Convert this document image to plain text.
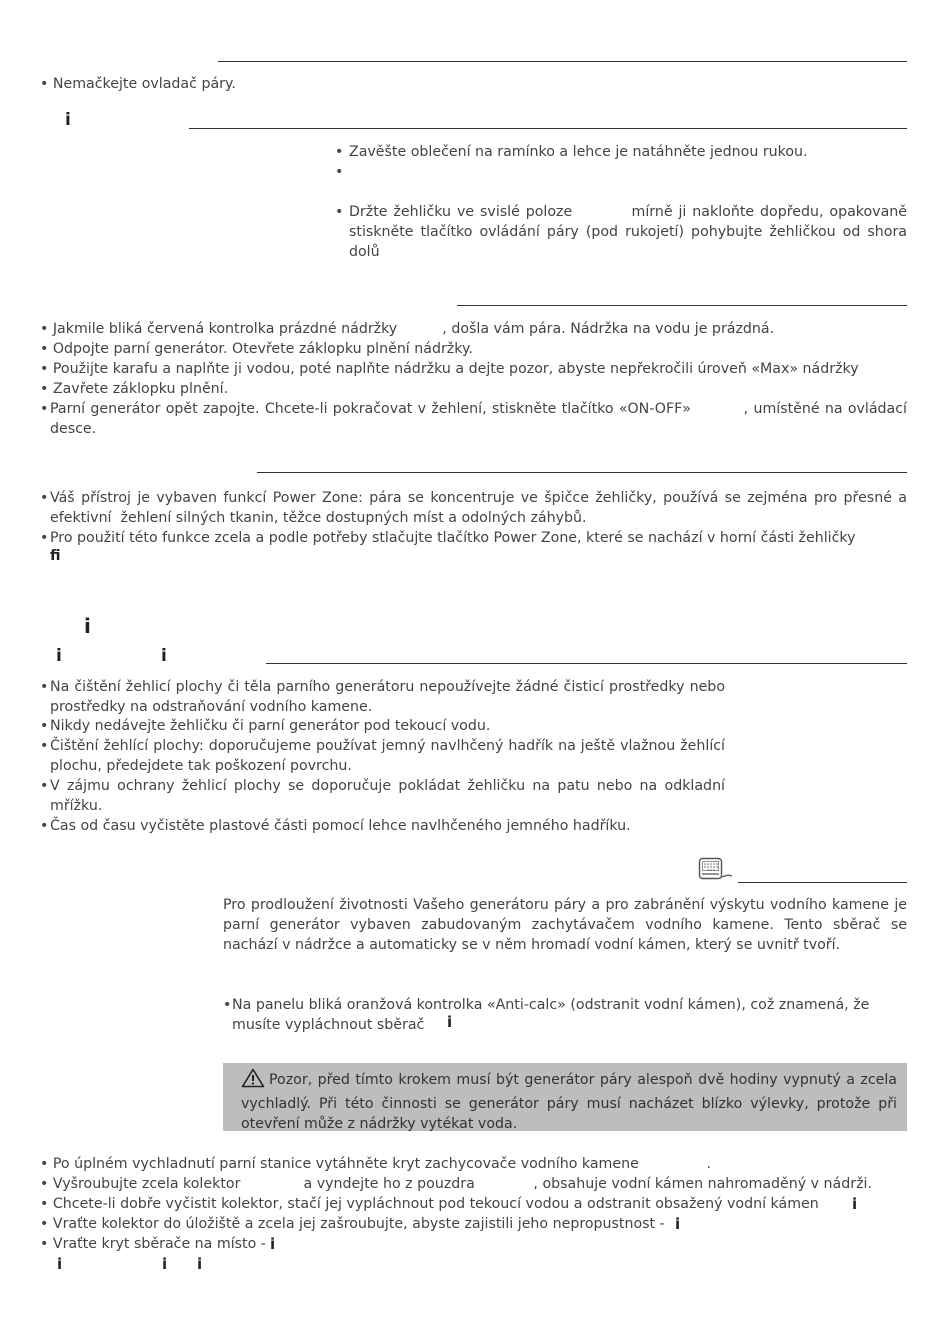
• Nemačkejte ovladač páry.
i
• Zavěšte oblečení na ramínko a lehce je natáhněte jednou rukou.
•
• Držte žehličku ve svislé poloze          mírně ji nakloňte dopředu, opakovaně stiskněte tlačítko ovládání páry (pod rukojetí) pohybujte žehličkou od shora dolů
• Jakmile bliká červená kontrolka prázdné nádržky          , došla vám pára. Nádržka na vodu je prázdná.
• Odpojte parní generátor. Otevřete záklopku plnění nádržky.
• Použijte karafu a naplňte ji vodou, poté naplňte nádržku a dejte pozor, abyste nepřekročili úroveň «Max» nádržky
• Zavřete záklopku plnění.
• Parní generátor opět zapojte. Chcete-li pokračovat v žehlení, stiskněte tlačítko «ON-OFF»          , umístěné na ovládací desce.
• Váš přístroj je vybaven funkcí Power Zone: pára se koncentruje ve špičce žehličky, používá se zejména pro přesné a efektivní  žehlení silných tkanin, těžce dostupných míst a odolných záhybů.
• Pro použití této funkce zcela a podle potřeby stlačujte tlačítko Power Zone, které se nachází v horní části žehličky
fi
i
i	i
• Na čištění žehlicí plochy či těla parního generátoru nepoužívejte žádné čisticí prostředky nebo prostředky na odstraňování vodního kamene.
• Nikdy nedávejte žehličku či parní generátor pod tekoucí vodu.
• Čištění žehlící plochy: doporučujeme používat jemný navlhčený hadřík na ještě vlažnou žehlící plochu, předejdete tak poškození povrchu.
• V zájmu ochrany žehlicí plochy se doporučuje pokládat žehličku na patu nebo na odkladní mřížku.
• Čas od času vyčistěte plastové části pomocí lehce navlhčeného jemného hadříku.
Pro prodloužení životnosti Vašeho generátoru páry a pro zabránění výskytu vodního kamene je parní generátor vybaven zabudovaným zachytávačem vodního kamene. Tento sběrač se nachází v nádržce a automaticky se v něm hromadí vodní kámen, který se uvnitř tvoří.
• Na panelu bliká oranžová kontrolka «Anti-calc» (odstranit vodní kámen), což znamená, že musíte vypláchnout sběrač	i
Pozor, před tímto krokem musí být generátor páry alespoň dvě hodiny vypnutý a zcela vychladlý. Při této činnosti se generátor páry musí nacházet blízko výlevky, protože při otevření může z nádržky vytékat voda.
• Po úplném vychladnutí parní stanice vytáhněte kryt zachycovače vodního kamene               .
• Vyšroubujte zcela kolektor              a vyndejte ho z pouzdra             , obsahuje vodní kámen nahromaděný v nádrži.
• Chcete-li dobře vyčistit kolektor, stačí jej vypláchnout pod tekoucí vodou a odstranit obsažený vodní kámen i
• Vraťte kolektor do úložiště a zcela jej zašroubujte, abyste zajistili jeho nepropustnost - i
• Vraťte kryt sběrače na místo - i
i	i i
